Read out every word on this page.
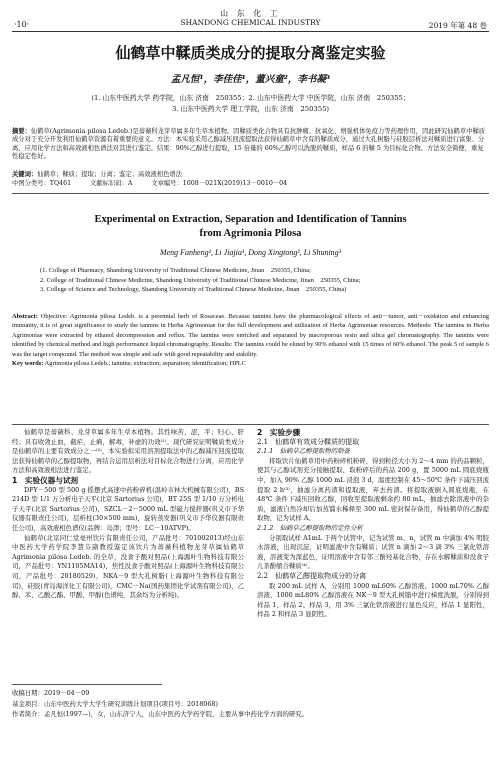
·10·
山 东 化 工
SHANDONG CHEMICAL INDUSTRY	2019 年第 48 卷
仙鹤草中鞣质类成分的提取分离鉴定实验
孟凡恒¹，李佳佳¹，董兴童²，李书凝³
(1. 山东中医药大学 药学院，山东 济南　250355；2. 山东中医药大学 中医学院，山东 济南　250355；
3. 山东中医药大学 理工学院，山东 济南　250355)
摘要：仙鹤草(Agrimonia pilosa Ledeb.)是蔷薇科龙芽草属多年生草本植物。因鞣质类化合物具有抗肿瘤、抗氧化、增强机体免疫力等药理作用，因此研究仙鹤草中鞣质成分对于充分开发利用仙鹤草资源有着重要的意义。方法：本实验采用乙醇减压回流提取法获得仙鹤草中含有的鞣质成分，通过大孔树脂与硅胶层析法对鞣质进行富集、分离，应用化学方法和高效液相色谱法对其进行鉴定。结果：90%乙醇进行提取，15 倍量的 60%乙醇可以洗脱的鞣质，样品 6 的鞣 5 为目标化合物。方法安全简便，重复性稳定性好。
关键词：仙鹤草；鞣质；提取；分离；鉴定；高效液相色谱法
中图分类号：TQ461　　　文献标识码：A　　　文章编号：1008－021X(2019)13－0010－04
Experimental on Extraction, Separation and Identification of Tannins
from Agrimonia Pilosa
Meng Fanheng¹, Li Jiajia¹, Dong Xingtong², Li Shuning³
(1. College of Pharmacy, Shandong University of Traditional Chinese Medicine, Jinan　250355, China;
2. College of Traditional Chinese Medicine, Shandong University of Traditional Chinese Medicine, Jinan　250355, China;
3. College of Science and Technology, Shandong University of Traditional Chinese Medicine, Jinan　250355, China)
Abstract: Objective: Agrimonia pilosa Ledeb. is a perennial herb of Rosaceae. Because tannins have the pharmacological effects of anti－tumor, anti－oxidation and enhancing immunity, it is of great significance to study the tannins in Herba Agrimoniae for the full development and utilization of Herba Agrimoniae resources. Methods: The tannins in Herba Agrimoniae were extracted by ethanol decompression and reflux. The tannins were enriched and separated by macroporous resin and silica gel chromatography. The tannins were identified by chemical method and high performance liquid chromatography. Results: The tannins could be eluted by 90% ethanol with 15 times of 60% ethanol. The peak 5 of sample 6 was the target compound. The method was simple and safe with good repeatability and stability.
Key words: Agrimonia pilosa Ledeb.; tannins; extraction; separation; identification; HPLC

仙鹤草是蔷薇科、龙芽草属多年生草本植物。其性味苦，涩，平；归心、肝经；具有收敛止血，截疟，止痢，解毒，补虚的功效⁽¹⁾。现代研究证明鞣质类成分是仙鹤草的主要有效成分之一⁽²⁾，本实验拟采用溶剂提取法中的乙醇减压回流提取法获得仙鹤草的乙醇提取物，再结合运用层析法对目标化合物进行分离，应用化学方法和高效液相法进行鉴定。

1　实验仪器与试剂

DFY－500 型 500 g 摇摆式高速中药粉碎机(温岭市林大机械有限公司)，BS 214D 型 1/1 万分析电子天平(北京 Sartorius 公司)，BT 25S 型 1/10 万分析电子天平(北京 Sartorius 公司)，SZCL－2－5000 mL 型磁力搅拌器(巩义市予华仪器有限责任公司)，层析柱(30×500 mm)，旋转蒸发器(巩义市予华仪器有限责任公司)，高效液相色谱仪(品牌：岛津；型号：LC－10ATVP)。

仙鹤草(北京同仁堂亳州饮片有限责任公司，产品批号：701002013)经山东中医药大学药学院李慧芬副教授鉴定该饮片为蔷薇科植物龙芽草属仙鹤草 Agrimonia pilosa Ledeb. 的全草，没食子酸对照品(上海源叶生物科技有限公司，产品批号：YN1105MA14)，焦性没食子酸对照品(上海源叶生物科技有限公司，产品批号：20180529)，NKA－9 型大孔树脂(上海源叶生物科技有限公司)，硅胶(青岛海洋化工有限公司)，CMC－Na(国药集团化学试剂有限公司)，乙醇、苯、乙酸乙酯、甲酸、甲醇(色谱纯，其余均为分析纯)。

2　实验步骤

2.1　仙鹤草有效成分鞣质的提取

2.1.1　仙鹤草乙醇提取物的制备

将取饮片仙鹤草用中药粉碎机粉碎，得到粒径大小为 2～4 mm 的药品颗粒，使其与乙醇试剂充分接触提取，取粉碎后的药品 200 g，置 5000 mL 圆底烧瓶中，加入 90% 乙醇 1000 mL 浸泡 3 d，温度控制在 45～50℃ 条件下减压回流提取 2 h⁽³⁾，抽滤分离药渣和提取液，弃去药渣。将提取液倒入圆底烧瓶，在 48℃ 条件下减压回收乙醇，回收至提取液剩余约 80 mL，抽滤去除溶液中的杂质，滤液自然冷却后加蒸馏水稀释至 300 mL 密封保存备用，得仙鹤草的乙醇提取物，记为试样 A。

2.1.2　仙鹤草乙醇提取物的定性分析

分别取试样 A1mL 于两个试管中，记为试管 m、n，试管 m 中滴加 4% 明胶水溶液，出现沉淀，证明滤液中含有鞣质；试管 n 滴加 2～3 滴 3% 三氯化铁溶液，溶液变为深蓝色，证明溶液中含有邻三酚羟基化合物，存在水解鞣质和没食子儿茶酚缩合鞣质⁽⁴⁾。

2.2　仙鹤草乙醇提取物成分的分离

取 200 mL 试样 A，分别用 1000 mL60% 乙醇溶液、1000 mL70% 乙醇溶液、1000 mL80% 乙醇溶液在 NK－9 型大孔树脂中进行梯度洗脱，分别得到样品 1、样品 2、样品 3，用 3% 三氯化铁溶液进行显色反应，样品 1 显阳性，样品 2 和样品 3 显阴性。

收稿日期：2019－04－09
基金项目：山东中医药大学大学生研究训练计划项目(项目号：2018068)
作者简介：孟凡恒(1997—)，女，山东济宁人，山东中医药大学药学院，主要从事中药化学方面的研究。
